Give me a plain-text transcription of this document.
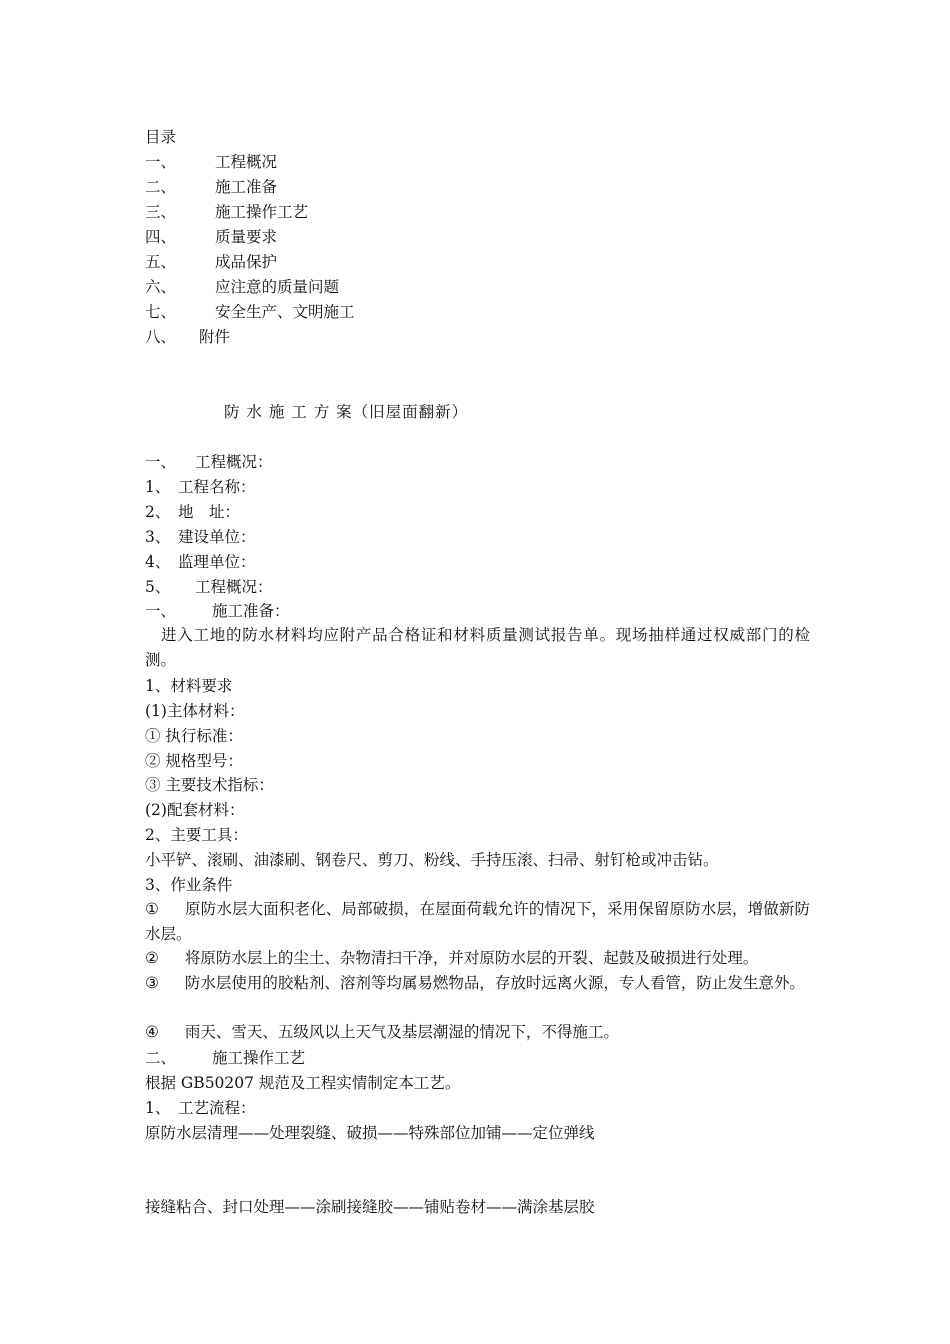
目录
一、	工程概况
二、	施工准备
三、	施工操作工艺
四、	质量要求
五、	成品保护
六、	应注意的质量问题
七、	安全生产、文明施工
八、 附件
防 水 施 工 方 案（旧屋面翻新）
一、 工程概况：
1、 工程名称：
2、 地　址：
3、 建设单位：
4、 监理单位：
5、 工程概况：
一、 施工准备：
进入工地的防水材料均应附产品合格证和材料质量测试报告单。现场抽样通过权威部门的检测。
1、材料要求
(1)主体材料：
① 执行标准：
② 规格型号：
③ 主要技术指标：
(2)配套材料：
2、主要工具：
小平铲、滚刷、油漆刷、钢卷尺、剪刀、粉线、手持压滚、扫帚、射钉枪或冲击钻。
3、作业条件
① 原防水层大面积老化、局部破损，在屋面荷载允许的情况下，采用保留原防水层，增做新防水层。
② 将原防水层上的尘土、杂物清扫干净，并对原防水层的开裂、起鼓及破损进行处理。
③ 防水层使用的胶粘剂、溶剂等均属易燃物品，存放时远离火源，专人看管，防止发生意外。
④ 雨天、雪天、五级风以上天气及基层潮湿的情况下，不得施工。
二、 施工操作工艺
根据 GB50207 规范及工程实情制定本工艺。
1、 工艺流程：
原防水层清理——处理裂缝、破损——特殊部位加铺——定位弹线
接缝粘合、封口处理——涂刷接缝胶——铺贴卷材——满涂基层胶
